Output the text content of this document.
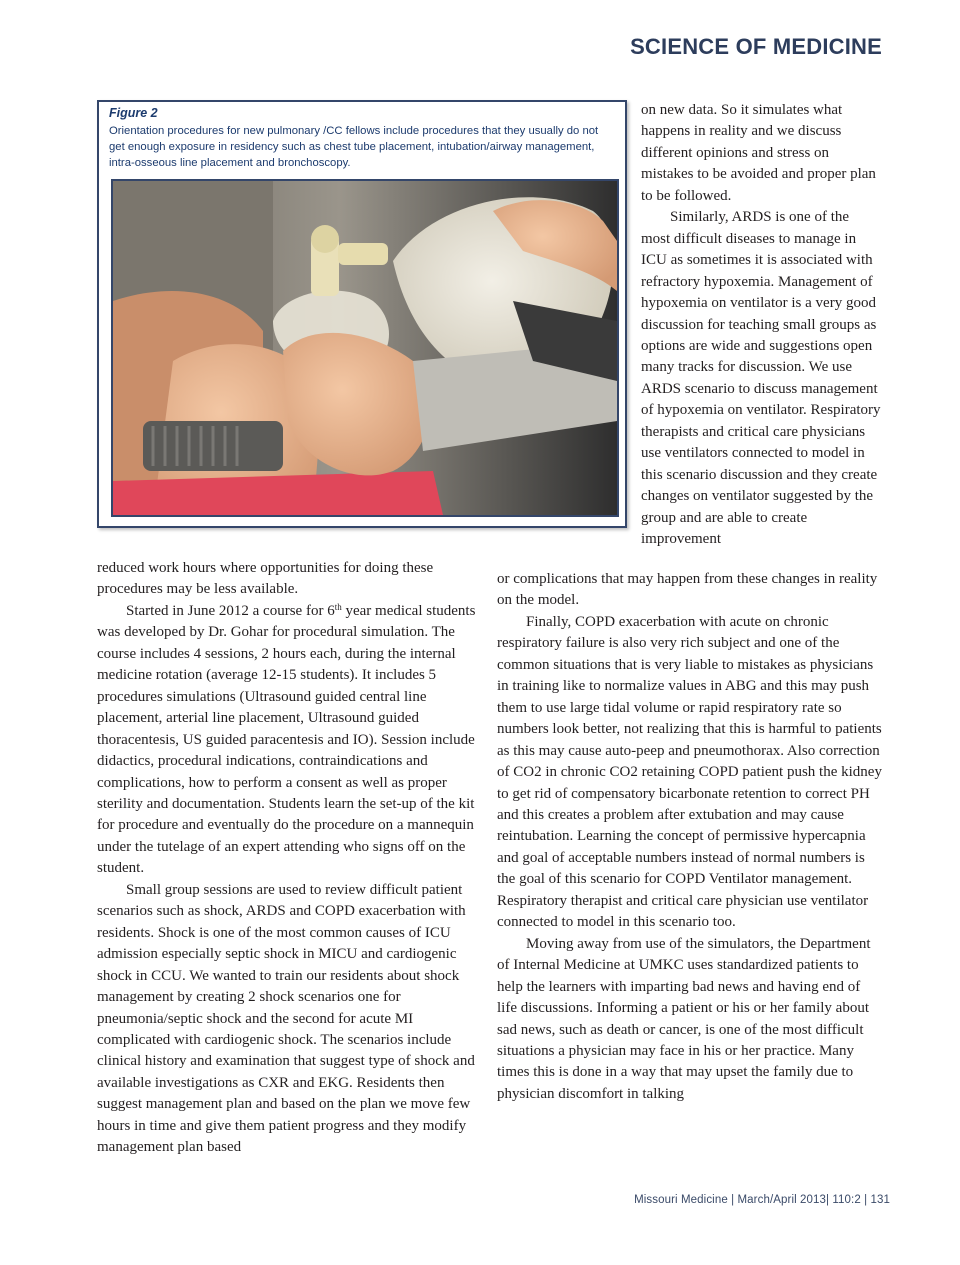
SCIENCE OF MEDICINE
Figure 2
Orientation procedures for new pulmonary /CC fellows include procedures that they usually do not get enough exposure in residency such as chest tube placement, intubation/airway management, intra-osseous line placement and bronchoscopy.

on new data. So it simulates what happens in reality and we discuss different opinions and stress on mistakes to be avoided and proper plan to be followed.

Similarly, ARDS is one of the most difficult diseases to manage in ICU as sometimes it is associated with refractory hypoxemia. Management of hypoxemia on ventilator is a very good discussion for teaching small groups as options are wide and suggestions open many tracks for discussion. We use ARDS scenario to discuss management of hypoxemia on ventilator. Respiratory therapists and critical care physicians use ventilators connected to model in this scenario discussion and they create changes on ventilator suggested by the group and are able to create improvement

reduced work hours where opportunities for doing these procedures may be less available.

Started in June 2012 a course for 6th year medical students was developed by Dr. Gohar for procedural simulation. The course includes 4 sessions, 2 hours each, during the internal medicine rotation (average 12-15 students). It includes 5 procedures simulations (Ultrasound guided central line placement, arterial line placement, Ultrasound guided thoracentesis, US guided paracentesis and IO). Session include didactics, procedural indications, contraindications and complications, how to perform a consent as well as proper sterility and documentation. Students learn the set-up of the kit for procedure and eventually do the procedure on a mannequin under the tutelage of an expert attending who signs off on the student.

Small group sessions are used to review difficult patient scenarios such as shock, ARDS and COPD exacerbation with residents. Shock is one of the most common causes of ICU admission especially septic shock in MICU and cardiogenic shock in CCU. We wanted to train our residents about shock management by creating 2 shock scenarios one for pneumonia/septic shock and the second for acute MI complicated with cardiogenic shock. The scenarios include clinical history and examination that suggest type of shock and available investigations as CXR and EKG. Residents then suggest management plan and based on the plan we move few hours in time and give them patient progress and they modify management plan based

or complications that may happen from these changes in reality on the model.

Finally, COPD exacerbation with acute on chronic respiratory failure is also very rich subject and one of the common situations that is very liable to mistakes as physicians in training like to normalize values in ABG and this may push them to use large tidal volume or rapid respiratory rate so numbers look better, not realizing that this is harmful to patients as this may cause auto-peep and pneumothorax. Also correction of CO2 in chronic CO2 retaining COPD patient push the kidney to get rid of compensatory bicarbonate retention to correct PH and this creates a problem after extubation and may cause reintubation. Learning the concept of permissive hypercapnia and goal of acceptable numbers instead of normal numbers is the goal of this scenario for COPD Ventilator management. Respiratory therapist and critical care physician use ventilator connected to model in this scenario too.

Moving away from use of the simulators, the Department of Internal Medicine at UMKC uses standardized patients to help the learners with imparting bad news and having end of life discussions. Informing a patient or his or her family about sad news, such as death or cancer, is one of the most difficult situations a physician may face in his or her practice. Many times this is done in a way that may upset the family due to physician discomfort in talking

Missouri Medicine | March/April 2013| 110:2 | 131
